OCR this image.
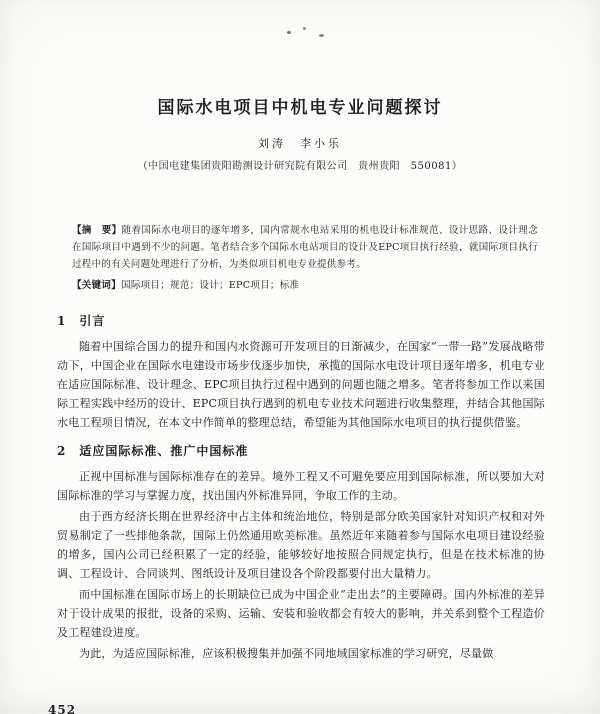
国际水电项目中机电专业问题探讨
刘涛　李小乐
（中国电建集团贵阳勘测设计研究院有限公司　贵州贵阳　550081）
【摘　要】随着国际水电项目的逐年增多，国内常规水电站采用的机电设计标准规范、设计思路、设计理念在国际项目中遇到不少的问题。笔者结合多个国际水电站项目的设计及EPC项目执行经验，就国际项目执行过程中的有关问题处理进行了分析，为类似项目机电专业提供参考。
【关键词】国际项目；规范；设计；EPC项目；标准
1　引言

随着中国综合国力的提升和国内水资源可开发项目的日渐减少，在国家“一带一路”发展战略带动下，中国企业在国际水电建设市场步伐逐步加快，承揽的国际水电设计项目逐年增多，机电专业在适应国际标准、设计理念、EPC项目执行过程中遇到的问题也随之增多。笔者将参加工作以来国际工程实践中经历的设计、EPC项目执行遇到的机电专业技术问题进行收集整理，并结合其他国际水电工程项目情况，在本文中作简单的整理总结，希望能为其他国际水电项目的执行提供借鉴。

2　适应国际标准、推广中国标准

正视中国标准与国际标准存在的差异。境外工程又不可避免要应用到国际标准，所以要加大对国际标准的学习与掌握力度，找出国内外标准异同，争取工作的主动。

由于西方经济长期在世界经济中占主体和统治地位，特别是部分欧美国家针对知识产权和对外贸易制定了一些排他条款，国际上仍然通用欧美标准。虽然近年来随着参与国际水电项目建设经验的增多，国内公司已经积累了一定的经验，能够较好地按照合同规定执行，但是在技术标准的协调、工程设计、合同谈判、图纸设计及项目建设各个阶段都要付出大量精力。

而中国标准在国际市场上的长期缺位已成为中国企业“走出去”的主要障碍。国内外标准的差异对于设计成果的报批，设备的采购、运输、安装和验收都会有较大的影响，并关系到整个工程造价及工程建设进度。

为此，为适应国际标准，应该积极搜集并加强不同地域国家标准的学习研究，尽量做

452
